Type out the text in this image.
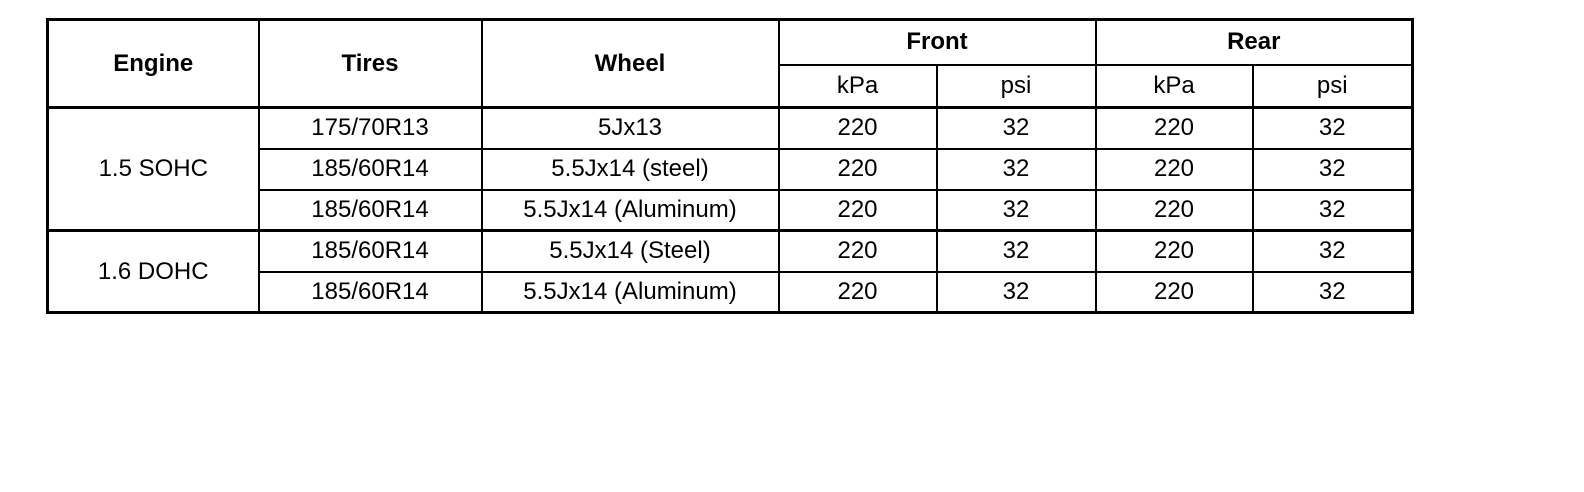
Engine	Tires	Wheel	Front		Rear	
			kPa	psi	kPa	psi
1.5 SOHC	175/70R13	5Jx13	220	32	220	32
	185/60R14	5.5Jx14 (steel)	220	32	220	32
	185/60R14	5.5Jx14 (Aluminum)	220	32	220	32
1.6 DOHC	185/60R14	5.5Jx14 (Steel)	220	32	220	32
	185/60R14	5.5Jx14 (Aluminum)	220	32	220	32
